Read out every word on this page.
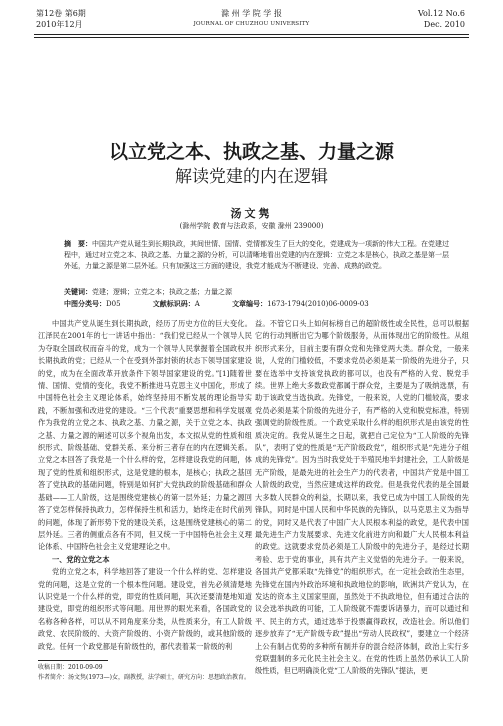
第12卷 第6期
2010年12月
滁 州 学 院 学 报
JOURNAL OF CHUZHOU UNIVERSITY
Vol.12 No.6
Dec. 2010
以立党之本、执政之基、力量之源
解读党建的内在逻辑
汤文隽
(滁州学院 教育与法政系，安徽 滁州 239000)
摘　要：中国共产党从诞生到长期执政，其间世情、国情、党情都发生了巨大的变化，党建成为一项新的伟大工程。在党建过程中，通过对立党之本、执政之基、力量之源的分析，可以清晰地看出党建的内在逻辑：立党之本是核心，执政之基是第一层外延，力量之源是第二层外延。只有加强这三方面的建设，我党才能成为不断建设、完善、成熟的政党。
关键词：党建；逻辑；立党之本；执政之基；力量之源
中图分类号：D05	文献标识码：A	文章编号：1673-1794(2010)06-0009-03

中国共产党从诞生到长期执政，经历了历史方位的巨大变化。江泽民在2001年的七一讲话中指出：“我们党已经从一个领导人民为夺取全国政权而奋斗的党，成为一个领导人民掌握着全国政权并长期执政的党；已经从一个在受到外部封锁的状态下领导国家建设的党，成为在全面改革开放条件下领导国家建设的党。”[1]随着世情、国情、党情的变化，我党不断推进马克思主义中国化，形成了中国特色社会主义理论体系，始终坚持用不断发展的理论指导实践，不断加强和改进党的建设。“三个代表”重要思想和科学发展观作为我党的立党之本、执政之基、力量之源，关于立党之本、执政之基、力量之源的阐述可以多个视角出发，本文拟从党的性质和组织形式、阶级基础、党群关系、来分析三者存在的内在逻辑关系。立党之本回答了我党是一个什么样的党，怎样建设我党的问题，体现了党的性质和组织形式，这是党建的根本，是核心；执政之基回答了党执政的基础问题，特别是如何扩大党执政的阶级基础和群众基础——工人阶级，这是围绕党建核心的第一层外延；力量之源回答了党怎样保持执政力，怎样保持生机和活力，始终走在时代前列的问题，体现了新形势下党的建设关系，这是围绕党建核心的第二层外延。三者的侧重点各有不同，但又统一于中国特色社会主义理论体系、中国特色社会主义党建理论之中。

一、党的立党之本

党的立党之本，科学地回答了建设一个什么样的党、怎样建设党的问题，这是立党的一个根本性问题。建设党，首先必须清楚地认识党是一个什么样的党，即党的性质问题，其次还要清楚地知道建设党，即党的组织形式等问题。用世界的眼光来看，各国政党的名称各种各样，可以从不同角度来分类，从性质来分，有工人阶级政党、农民阶级的、大资产阶级的、小资产阶级的，或其他阶级的政党。任何一个政党都是有阶级性的，都代表着某一阶级的利

益。不管它口头上如何标榜自己的超阶级性或全民性，总可以根据它的行动判断出它为哪个阶级服务，从而体现出它的阶级性。从组织形式来分，目前主要有群众党和先锋党两大类。群众党，一般来说，人党的门槛较低，不要求党员必须是某一阶级的先进分子，只要在选举中支持该党执政的都可以，也没有严格的入党、脱党手续。世界上绝大多数政党都属于群众党，主要是为了吸纳选票，有助于该政党当选执政。先锋党，一般来说，人党的门槛较高，要求党员必须是某个阶级的先进分子，有严格的入党和脱党标准，特别强调党的阶级性质。一个政党采取什么样的组织形式是由该党的性质决定的。我党从诞生之日起，就把自己定位为“工人阶级的先锋队”，表明了党的性质是“无产阶级政党”，组织形式是“先进分子组成的先锋党”。因为当时我党处于半殖民地半封建社会，工人阶级是无产阶级，是最先进的社会生产力的代表者，中国共产党是中国工人阶级的政党，当然应建成这样的政党。但是我党代表的是全国最大多数人民群众的利益，长期以来，我党已成为中国工人阶级的先锋队，同时是中国人民和中华民族的先锋队，以马克思主义为指导的党，同时又是代表了中国广大人民根本利益的政党，是代表中国最先进生产力发展要求、先进文化前进方向和最广大人民根本利益的政党。这就要求党员必须是工人阶级中的先进分子，是经过长期考验、忠于党的事业，具有共产主义觉悟的先进分子。一般来说，各国共产党都采取“先锋党”的组织形式，在一定社会政治生态里，先锋党在国内外政治环境和执政地位的影响，欧洲共产党认为，在发达的资本主义国家里面，虽然处于不执政地位，但有通过合法的议会选举执政的可能，工人阶级就不需要诉诸暴力，而可以通过和平、民主的方式，通过选举于投票赢得政权，改造社会。所以他们逐步放弃了“无产阶级专政”提出“劳动人民政权”，要建立一个经济上公有制占优势的多种所有制并存的混合经济体制，政治上实行多党联盟制的多元化民主社会主义。在党的性质上虽然仍承认工人阶级性质，但已明确淡化党“工人阶级的先锋队”提法，更

收稿日期：2010-09-09
作者简介：汤文隽(1973—)女，副教授，法学硕士，研究方向：思想政治教育。
